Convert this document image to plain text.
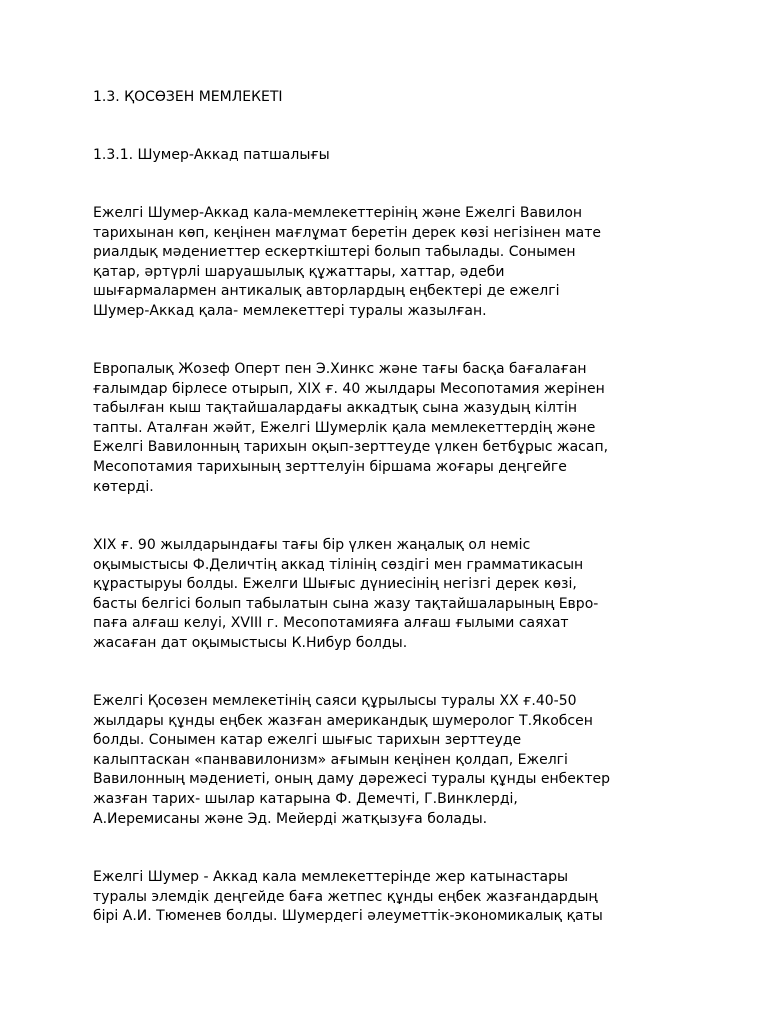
1.3. ҚОСӨЗЕН МЕМЛЕКЕТІ
1.3.1. Шумер-Аккад патшалығы
Ежелгі Шумер-Аккад кала-мемлекеттерінің және Ежелгі Вавилон
тарихынан көп, кеңінен мағлұмат беретін дерек көзі негізінен мате
риалдық мәдениеттер ескерткіштері болып табылады. Сонымен
қатар, әртүрлі шаруашылық құжаттары, хаттар, әдеби
шығармалармен антикалық авторлардың еңбектері де ежелгі
Шумер-Аккад қала- мемлекеттері туралы жазылған.
Европалық Жозеф Оперт пен Э.Хинкс және тағы басқа бағалаған
ғалымдар бірлесе отырып, ХIХ ғ. 40 жылдары Месопотамия жерінен
табылған кыш тақтайшалардағы аккадтық сына жазудың кілтін
тапты. Аталған жәйт, Ежелгі Шумерлік қала мемлекеттердің және
Ежелгі Вавилонның тарихын оқып-зерттеуде үлкен бетбұрыс жасап,
Месопотамия тарихының зерттелуін біршама жоғары деңгейге
көтерді.
ХIХ ғ. 90 жылдарындағы тағы бір үлкен жаңалық ол неміс
оқымыстысы Ф.Деличтің аккад тілінің сөздігі мен грамматикасын
құрастыруы болды. Ежелги Шығыс дүниесінің негізгі дерек көзі,
басты белгісі болып табылатын сына жазу тақтайшаларының Евро-
паға алғаш келуі, ХVIII г. Месопотамияға алғаш ғылыми саяхат
жасаған дат оқымыстысы К.Нибур болды.
Ежелгі Қосөзен мемлекетінің саяси құрылысы туралы ХХ ғ.40-50
жылдары құнды еңбек жазған американдық шумеролог Т.Якобсен
болды. Сонымен катар ежелгі шығыс тарихын зерттеуде
калыптаскан «панвавилонизм» ағымын кеңінен қолдап, Ежелгі
Вавилонның мәдениеті, оның даму дәрежесі туралы құнды енбектер
жазған тарих- шылар катарына Ф. Демечті, Г.Винклерді,
А.Иеремисаны және Эд. Мейерді жатқызуға болады.
Ежелгі Шумер - Аккад кала мемлекеттерінде жер катынастары
туралы элемдік деңгейде баға жетпес құнды еңбек жазғандардың
бірі А.И. Тюменев болды. Шумердегі әлеуметтік-экономикалық қаты
